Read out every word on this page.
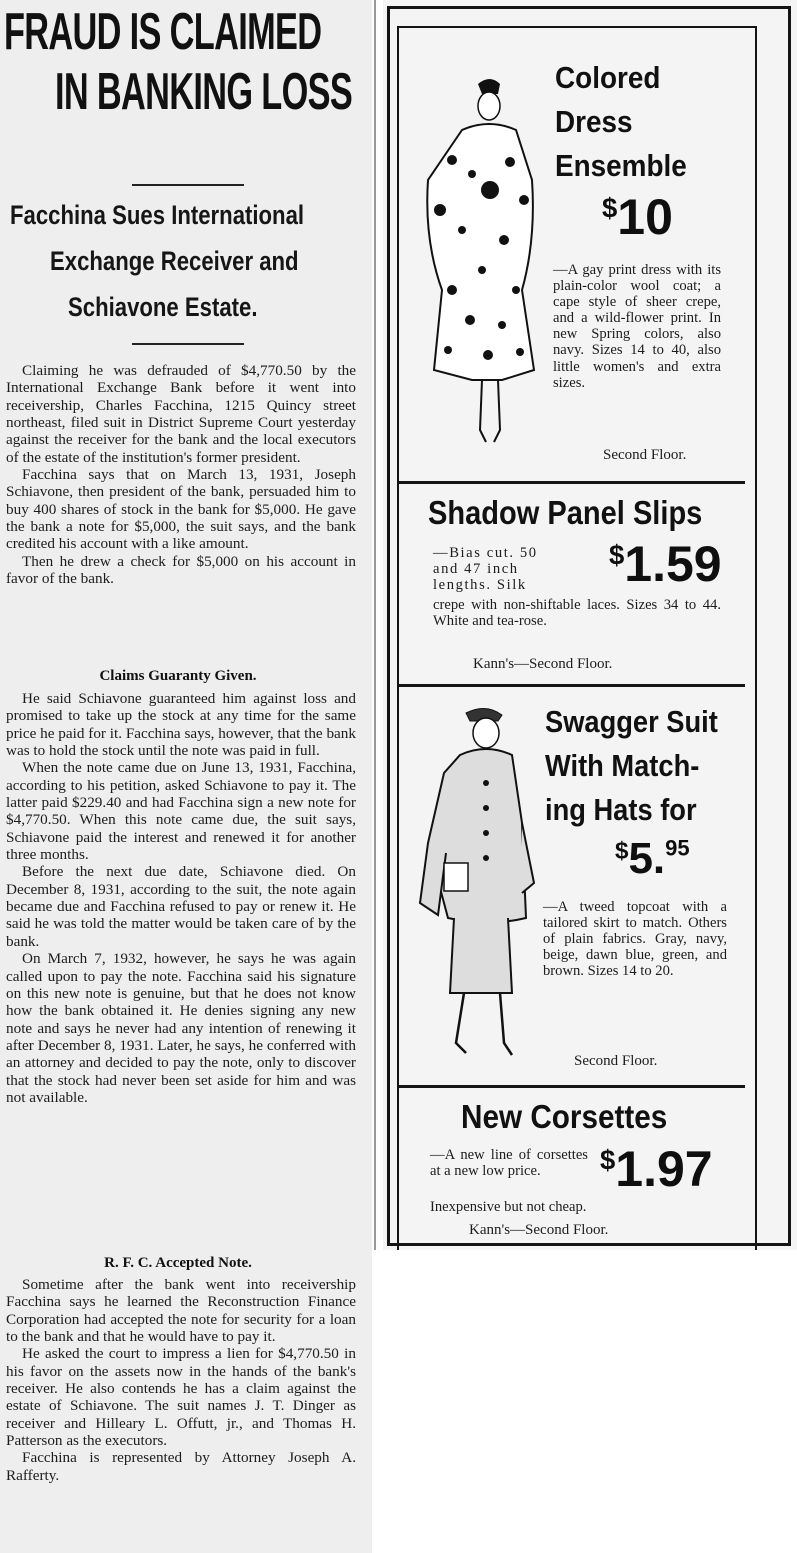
FRAUD IS CLAIMED
IN BANKING LOSS
Facchina Sues International
Exchange Receiver and
Schiavone Estate.

Claiming he was defrauded of $4,770.50 by the International Exchange Bank before it went into receivership, Charles Facchina, 1215 Quincy street northeast, filed suit in District Supreme Court yesterday against the receiver for the bank and the local executors of the estate of the institution's former president.

Facchina says that on March 13, 1931, Joseph Schiavone, then president of the bank, persuaded him to buy 400 shares of stock in the bank for $5,000. He gave the bank a note for $5,000, the suit says, and the bank credited his account with a like amount.

Then he drew a check for $5,000 on his account in favor of the bank.

Claims Guaranty Given.

He said Schiavone guaranteed him against loss and promised to take up the stock at any time for the same price he paid for it. Facchina says, however, that the bank was to hold the stock until the note was paid in full.

When the note came due on June 13, 1931, Facchina, according to his petition, asked Schiavone to pay it. The latter paid $229.40 and had Facchina sign a new note for $4,770.50. When this note came due, the suit says, Schiavone paid the interest and renewed it for another three months.

Before the next due date, Schiavone died. On December 8, 1931, according to the suit, the note again became due and Facchina refused to pay or renew it. He said he was told the matter would be taken care of by the bank.

On March 7, 1932, however, he says he was again called upon to pay the note. Facchina said his signature on this new note is genuine, but that he does not know how the bank obtained it. He denies signing any new note and says he never had any intention of renewing it after December 8, 1931. Later, he says, he conferred with an attorney and decided to pay the note, only to discover that the stock had never been set aside for him and was not available.

R. F. C. Accepted Note.

Sometime after the bank went into receivership Facchina says he learned the Reconstruction Finance Corporation had accepted the note for security for a loan to the bank and that he would have to pay it.

He asked the court to impress a lien for $4,770.50 in his favor on the assets now in the hands of the bank's receiver. He also contends he has a claim against the estate of Schiavone. The suit names J. T. Dinger as receiver and Hilleary L. Offutt, jr., and Thomas H. Patterson as the executors.

Facchina is represented by Attorney Joseph A. Rafferty.

Colored
Dress
Ensemble
$10
—A gay print dress with its plain-color wool coat; a cape style of sheer crepe, and a wild-flower print. In new Spring colors, also navy. Sizes 14 to 40, also little women's and extra sizes.
Second Floor.
Shadow Panel Slips
—Bias cut. 50
and 47 inch
lengths. Silk
$1.59
crepe with non-shiftable laces. Sizes 34 to 44. White and tea-rose.
Kann's—Second Floor.
Swagger Suit
With Match-
ing Hats for
$5.95
—A tweed topcoat with a tailored skirt to match. Others of plain fabrics. Gray, navy, beige, dawn blue, green, and brown. Sizes 14 to 20.
Second Floor.
New Corsettes
—A new line of corsettes at a new low price.	$1.97
Inexpensive but not cheap.
Kann's—Second Floor.
